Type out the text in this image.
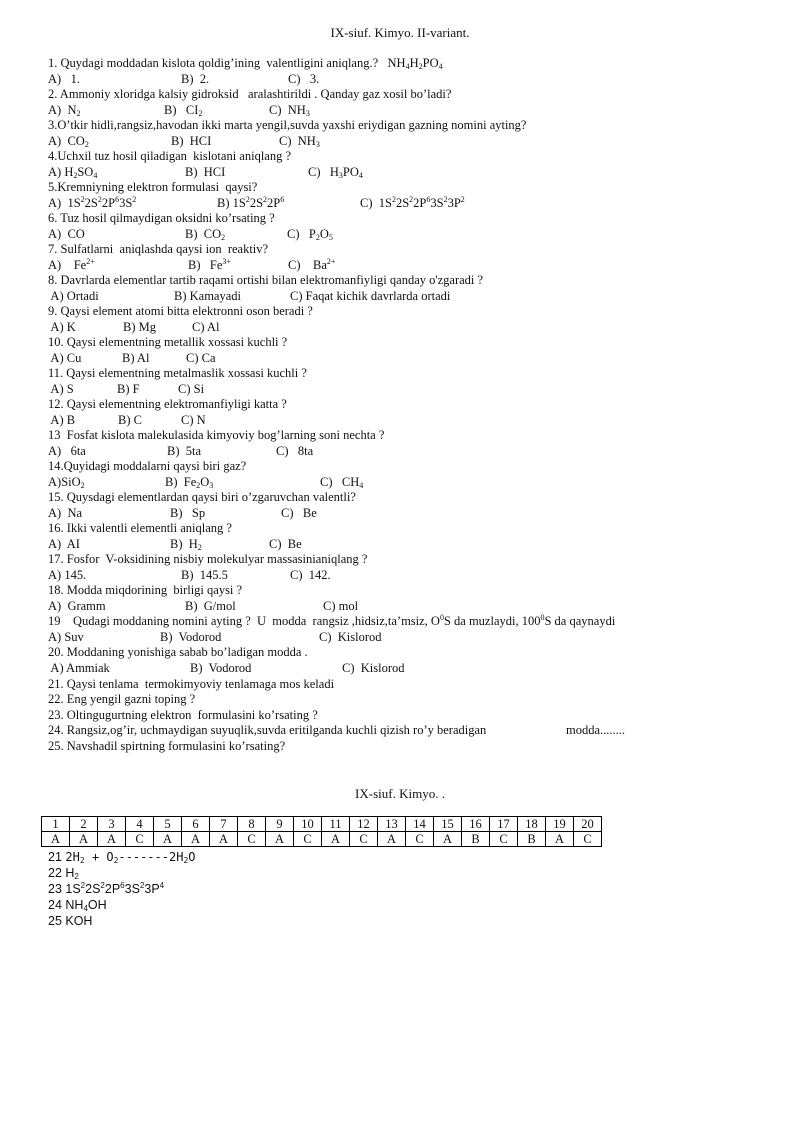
IX-siuf. Kimyo. II-variant.
1. Quydagi moddadan kislota qoldig’ining  valentligini aniqlang.?   $NH_4H_2PO_4$
A)   1.	B)  2.	C)   3.
2. Ammoniy xloridga kalsiy gidroksid   aralashtirildi . Qanday gaz xosil bo’ladi?
A)  $N_2$	B)   $CI_2$	C)  $NH_3$
3.O’tkir hidli,rangsiz,havodan ikki marta yengil,suvda yaxshi eriydigan gazning nomini ayting?
A)  $CO_2$	B)  HCI	C)  $NH_3$
4.Uchxil tuz hosil qiladigan  kislotani aniqlang ?
A) $H_2SO_4$	B)  HCI	C)   $H_3PO_4$
5.Kremniyning elektron formulasi  qaysi?
A)  $1S^22S^22P^63S^2$	B) $1S^22S^22P^6$	C)  $1S^22S^22P^63S^23P^2$
6. Tuz hosil qilmaydigan oksidni ko’rsating ?
A)  CO	B)  $CO_2$	C)   $P_2O_5$
7. Sulfatlarni  aniqlashda qaysi ion  reaktiv?
A)    $Fe^{2+}$	B)   $Fe^{3+}$	C)    $Ba^{2+}$
8. Davrlarda elementlar tartib raqami ortishi bilan elektromanfiyligi qanday o'zgaradi ?
A) Ortadi	B) Kamayadi	C) Faqat kichik davrlarda ortadi
9. Qaysi element atomi bitta elektronni oson beradi ?
A) K	B) Mg	C) Al
10. Qaysi elementning metallik xossasi kuchli ?
A) Cu	B) Al	C) Ca
11. Qaysi elementning metalmaslik xossasi kuchli ?
A) S	B) F	C) Si
12. Qaysi elementning elektromanfiyligi katta ?
A) B	B) C	C) N
13  Fosfat kislota malekulasida kimyoviy bog’larning soni nechta ?
A)   6ta	B)  5ta	C)   8ta
14.Quyidagi moddalarni qaysi biri gaz?
A)SiO$_2$	B)  $Fe_2O_3$	C)   $CH_4$
15. Quysdagi elementlardan qaysi biri o’zgaruvchan valentli?
A)  Na	B)   Sp	C)   Be
16. Ikki valentli elementli aniqlang ?
A)  AI	B)  $H_2$	C)  Be
17. Fosfor  V-oksidining nisbiy molekulyar massasinianiqlang ?
A) 145.	B)  145.5	C)  142.
18. Modda miqdorining  birligi qaysi ?
A)  Gramm	B)  G/mol	C) mol
19    Qudagi moddaning nomini ayting ?  U  modda  rangsiz ,hidsiz,ta’msiz, $O^0S$ da muzlaydi, $100^0S$ da qaynaydi
A) Suv	B)  Vodorod	C)  Kislorod
20. Moddaning yonishiga sabab bo’ladigan modda .
A) Ammiak	B)  Vodorod	C)  Kislorod
21. Qaysi tenlama  termokimyoviy tenlamaga mos keladi
22. Eng yengil gazni toping ?
23. Oltingugurtning elektron  formulasini ko’rsating ?
24. Rangsiz,og’ir, uchmaydigan suyuqlik,suvda eritilganda kuchli qizish ro’y beradigan	modda........
25. Navshadil spirtning formulasini ko’rsating?
IX-siuf. Kimyo. .
1	2	3	4	5	6	7	8	9	10	11	12	13	14	15	16	17	18	19	20
A	A	A	C	A	A	A	C	A	C	A	C	A	C	A	B	C	B	A	C
21 $2H_2 + O_2-------2H_2O$
22 $H_2$
23 $1S^22S^22P^63S^23P^4$
24 $NH_4OH$
25 KOH
